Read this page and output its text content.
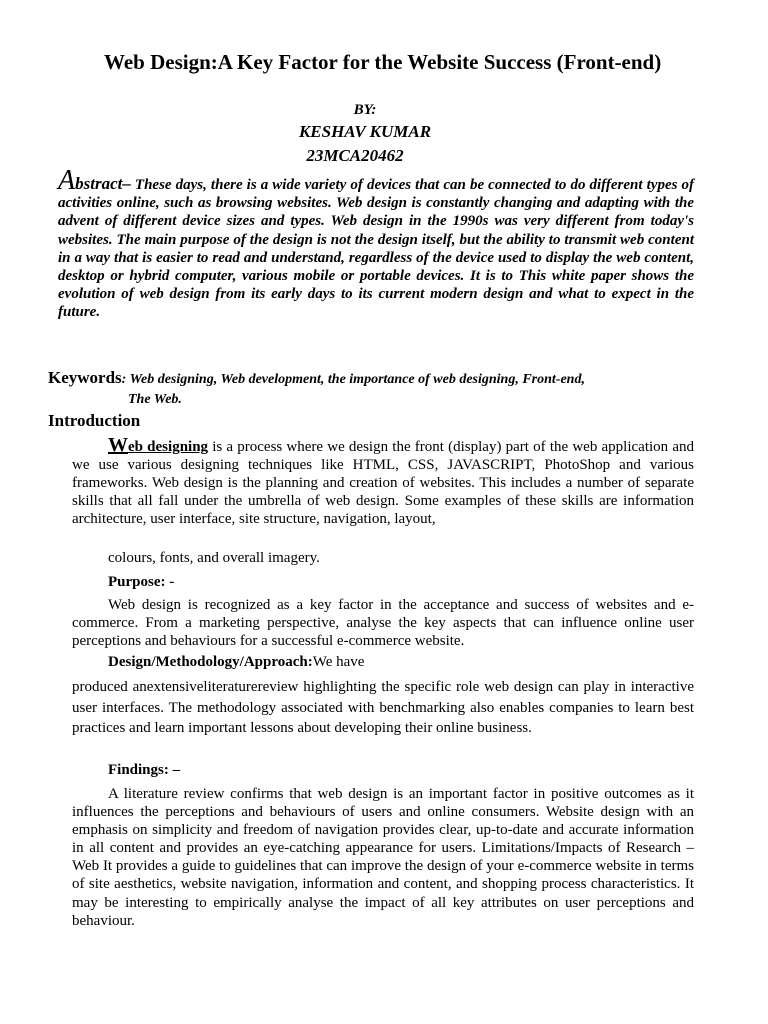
Web Design:A Key Factor for the Website Success (Front-end)
BY:
KESHAV KUMAR
23MCA20462
Abstract– These days, there is a wide variety of devices that can be connected to do different types of activities online, such as browsing websites. Web design is constantly changing and adapting with the advent of different device sizes and types. Web design in the 1990s was very different from today's websites. The main purpose of the design is not the design itself, but the ability to transmit web content in a way that is easier to read and understand, regardless of the device used to display the web content, desktop or hybrid computer, various mobile or portable devices. It is to This white paper shows the evolution of web design from its early days to its current modern design and what to expect in the future.
Keywords: Web designing, Web development, the importance of web designing, Front-end,
The Web.
Introduction
Web designing is a process where we design the front (display) part of the web application and we use various designing techniques like HTML, CSS, JAVASCRIPT, PhotoShop and various frameworks. Web design is the planning and creation of websites. This includes a number of separate skills that all fall under the umbrella of web design. Some examples of these skills are information architecture, user interface, site structure, navigation, layout,
colours, fonts, and overall imagery.
Purpose: -
Web design is recognized as a key factor in the acceptance and success of websites and e-commerce. From a marketing perspective, analyse the key aspects that can influence online user perceptions and behaviours for a successful e-commerce website.
Design/Methodology/Approach:We have
produced anextensiveliteraturereview highlighting the specific role web design can play in interactive user interfaces. The methodology associated with benchmarking also enables companies to learn best practices and learn important lessons about developing their online business.
Findings: –
A literature review confirms that web design is an important factor in positive outcomes as it influences the perceptions and behaviours of users and online consumers. Website design with an emphasis on simplicity and freedom of navigation provides clear, up-to-date and accurate information in all content and provides an eye-catching appearance for users. Limitations/Impacts of Research – Web It provides a guide to guidelines that can improve the design of your e-commerce website in terms of site aesthetics, website navigation, information and content, and shopping process characteristics. It may be interesting to empirically analyse the impact of all key attributes on user perceptions and behaviour.
